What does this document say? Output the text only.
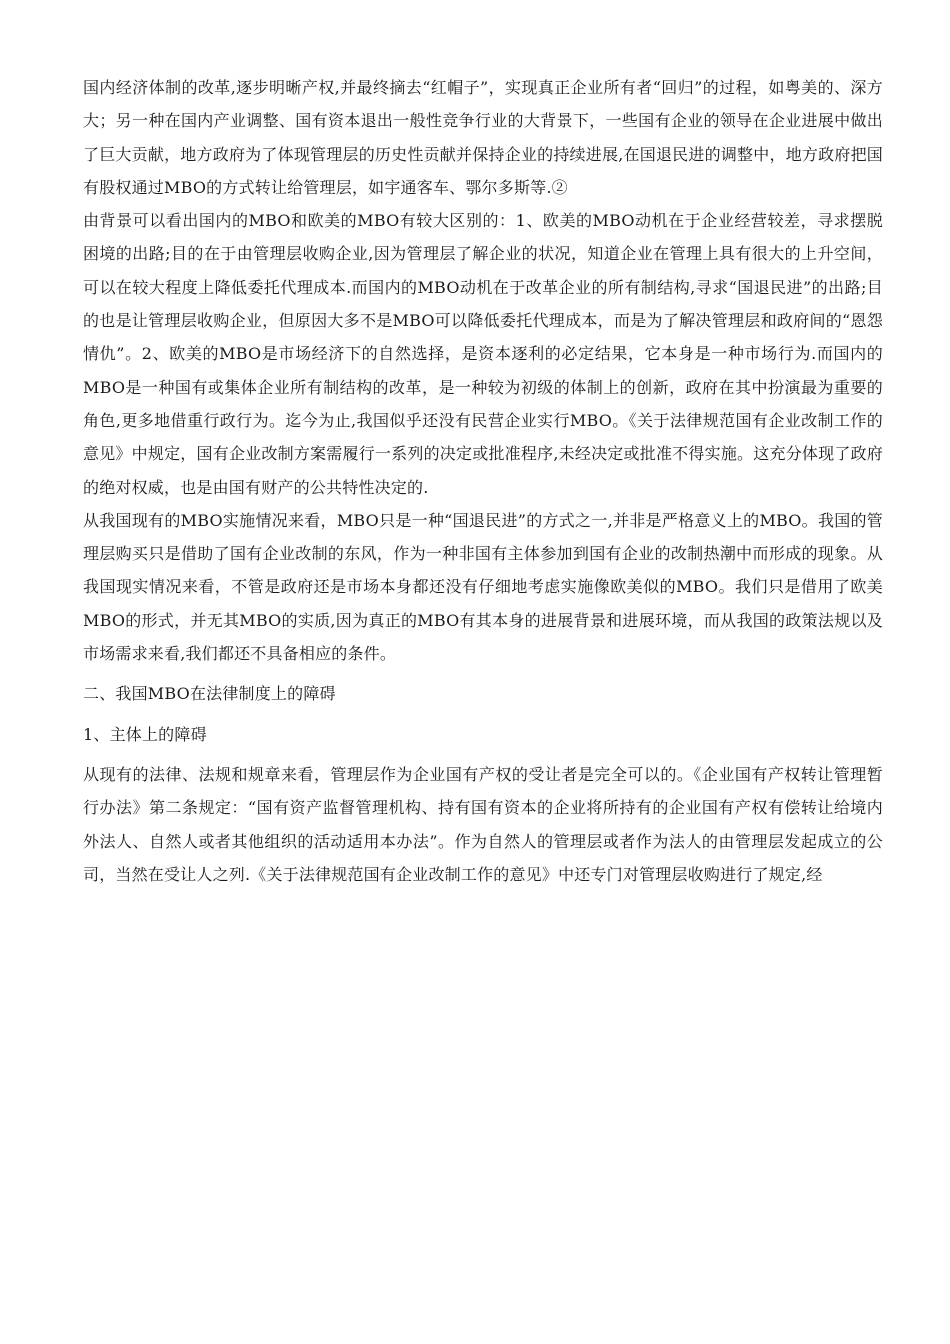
国内经济体制的改革,逐步明晰产权,并最终摘去“红帽子”，实现真正企业所有者“回归”的过程，如粤美的、深方大；另一种在国内产业调整、国有资本退出一般性竞争行业的大背景下，一些国有企业的领导在企业进展中做出了巨大贡献，地方政府为了体现管理层的历史性贡献并保持企业的持续进展,在国退民进的调整中，地方政府把国有股权通过MBO的方式转让给管理层，如宇通客车、鄂尔多斯等.②

由背景可以看出国内的MBO和欧美的MBO有较大区别的：1、欧美的MBO动机在于企业经营较差，寻求摆脱困境的出路;目的在于由管理层收购企业,因为管理层了解企业的状况，知道企业在管理上具有很大的上升空间，可以在较大程度上降低委托代理成本.而国内的MBO动机在于改革企业的所有制结构,寻求“国退民进”的出路;目的也是让管理层收购企业，但原因大多不是MBO可以降低委托代理成本，而是为了解决管理层和政府间的“恩怨情仇”。2、欧美的MBO是市场经济下的自然选择，是资本逐利的必定结果，它本身是一种市场行为.而国内的MBO是一种国有或集体企业所有制结构的改革，是一种较为初级的体制上的创新，政府在其中扮演最为重要的角色,更多地借重行政行为。迄今为止,我国似乎还没有民营企业实行MBO。《关于法律规范国有企业改制工作的意见》中规定，国有企业改制方案需履行一系列的决定或批准程序,未经决定或批准不得实施。这充分体现了政府的绝对权威，也是由国有财产的公共特性决定的.

从我国现有的MBO实施情况来看，MBO只是一种“国退民进”的方式之一,并非是严格意义上的MBO。我国的管理层购买只是借助了国有企业改制的东风，作为一种非国有主体参加到国有企业的改制热潮中而形成的现象。从我国现实情况来看，不管是政府还是市场本身都还没有仔细地考虑实施像欧美似的MBO。我们只是借用了欧美MBO的形式，并无其MBO的实质,因为真正的MBO有其本身的进展背景和进展环境，而从我国的政策法规以及市场需求来看,我们都还不具备相应的条件。

二、我国MBO在法律制度上的障碍

1、主体上的障碍

从现有的法律、法规和规章来看，管理层作为企业国有产权的受让者是完全可以的。《企业国有产权转让管理暂行办法》第二条规定：“国有资产监督管理机构、持有国有资本的企业将所持有的企业国有产权有偿转让给境内外法人、自然人或者其他组织的活动适用本办法”。作为自然人的管理层或者作为法人的由管理层发起成立的公司，当然在受让人之列.《关于法律规范国有企业改制工作的意见》中还专门对管理层收购进行了规定,经
